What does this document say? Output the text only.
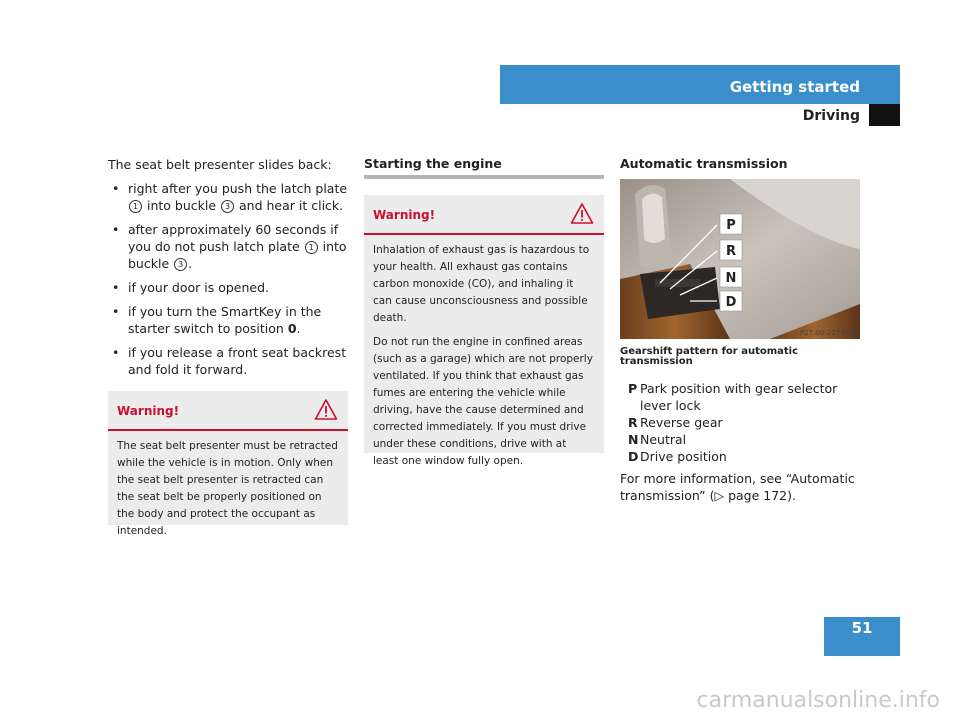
Getting started
Driving
The seat belt presenter slides back:
• right after you push the latch plate 1 into buckle 3 and hear it click.
• after approximately 60 seconds if you do not push latch plate 1 into buckle 3 .
• if your door is opened.
• if you turn the SmartKey in the starter switch to position 0.
• if you release a front seat backrest and fold it forward.
Warning!

The seat belt presenter must be retracted while the vehicle is in motion. Only when the seat belt presenter is retracted can the seat belt be properly positioned on the body and protect the occupant as intended.

Starting the engine
Warning!

Inhalation of exhaust gas is hazardous to your health. All exhaust gas contains carbon monoxide (CO), and inhaling it can cause unconsciousness and possible death.

Do not run the engine in confined areas (such as a garage) which are not properly ventilated. If you think that exhaust gas fumes are entering the vehicle while driving, have the cause determined and corrected immediately. If you must drive under these conditions, drive with at least one window fully open.

Automatic transmission
P
R
N
D
P27.00-2273-31
Gearshift pattern for automatic transmission
P Park position with gear selector lever lock
R Reverse gear
N Neutral
D Drive position
For more information, see “Automatic transmission” (▷ page 172).
51
carmanualsonline.info
